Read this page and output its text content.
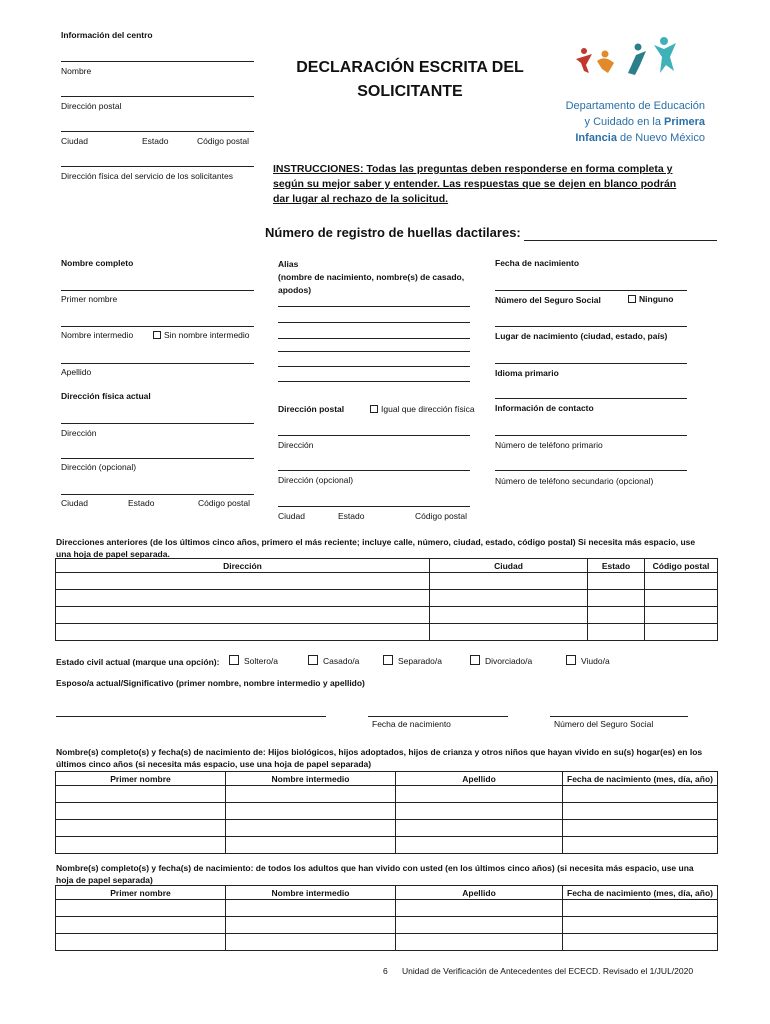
Información del centro
Nombre
Dirección postal
Ciudad	Estado	Código postal
Dirección física del servicio de los solicitantes
DECLARACIÓN ESCRITA DEL
SOLICITANTE
Departamento de Educación
y Cuidado en la Primera
Infancia de Nuevo México
INSTRUCCIONES: Todas las preguntas deben responderse en forma completa y
según su mejor saber y entender. Las respuestas que se dejen en blanco podrán
dar lugar al rechazo de la solicitud.
Número de registro de huellas dactilares:
Nombre completo
Primer nombre
Nombre intermedio	Sin nombre intermedio
Apellido
Dirección física actual
Dirección
Dirección (opcional)
Ciudad	Estado	Código postal
Alias
(nombre de nacimiento, nombre(s) de casado,
apodos)
Dirección postal	Igual que dirección física
Dirección
Dirección (opcional)
Ciudad	Estado	Código postal
Fecha de nacimiento
Número del Seguro Social	Ninguno
Lugar de nacimiento (ciudad, estado, país)
Idioma primario
Información de contacto
Número de teléfono primario
Número de teléfono secundario (opcional)
Direcciones anteriores (de los últimos cinco años, primero el más reciente; incluye calle, número, ciudad, estado, código postal) Si necesita más espacio, use
una hoja de papel separada.
Dirección	Ciudad	Estado	Código postal

Estado civil actual (marque una opción):	Soltero/a	Casado/a	Separado/a	Divorciado/a	Viudo/a
Esposo/a actual/Significativo (primer nombre, nombre intermedio y apellido)
Fecha de nacimiento	Número del Seguro Social
Nombre(s) completo(s) y fecha(s) de nacimiento de: Hijos biológicos, hijos adoptados, hijos de crianza y otros niños que hayan vivido en su(s) hogar(es) en los
últimos cinco años (si necesita más espacio, use una hoja de papel separada)
Primer nombre	Nombre intermedio	Apellido	Fecha de nacimiento (mes, día, año)

Nombre(s) completo(s) y fecha(s) de nacimiento: de todos los adultos que han vivido con usted (en los últimos cinco años) (si necesita más espacio, use una
hoja de papel separada)
Primer nombre	Nombre intermedio	Apellido	Fecha de nacimiento (mes, día, año)

6 Unidad de Verificación de Antecedentes del ECECD. Revisado el 1/JUL/2020
